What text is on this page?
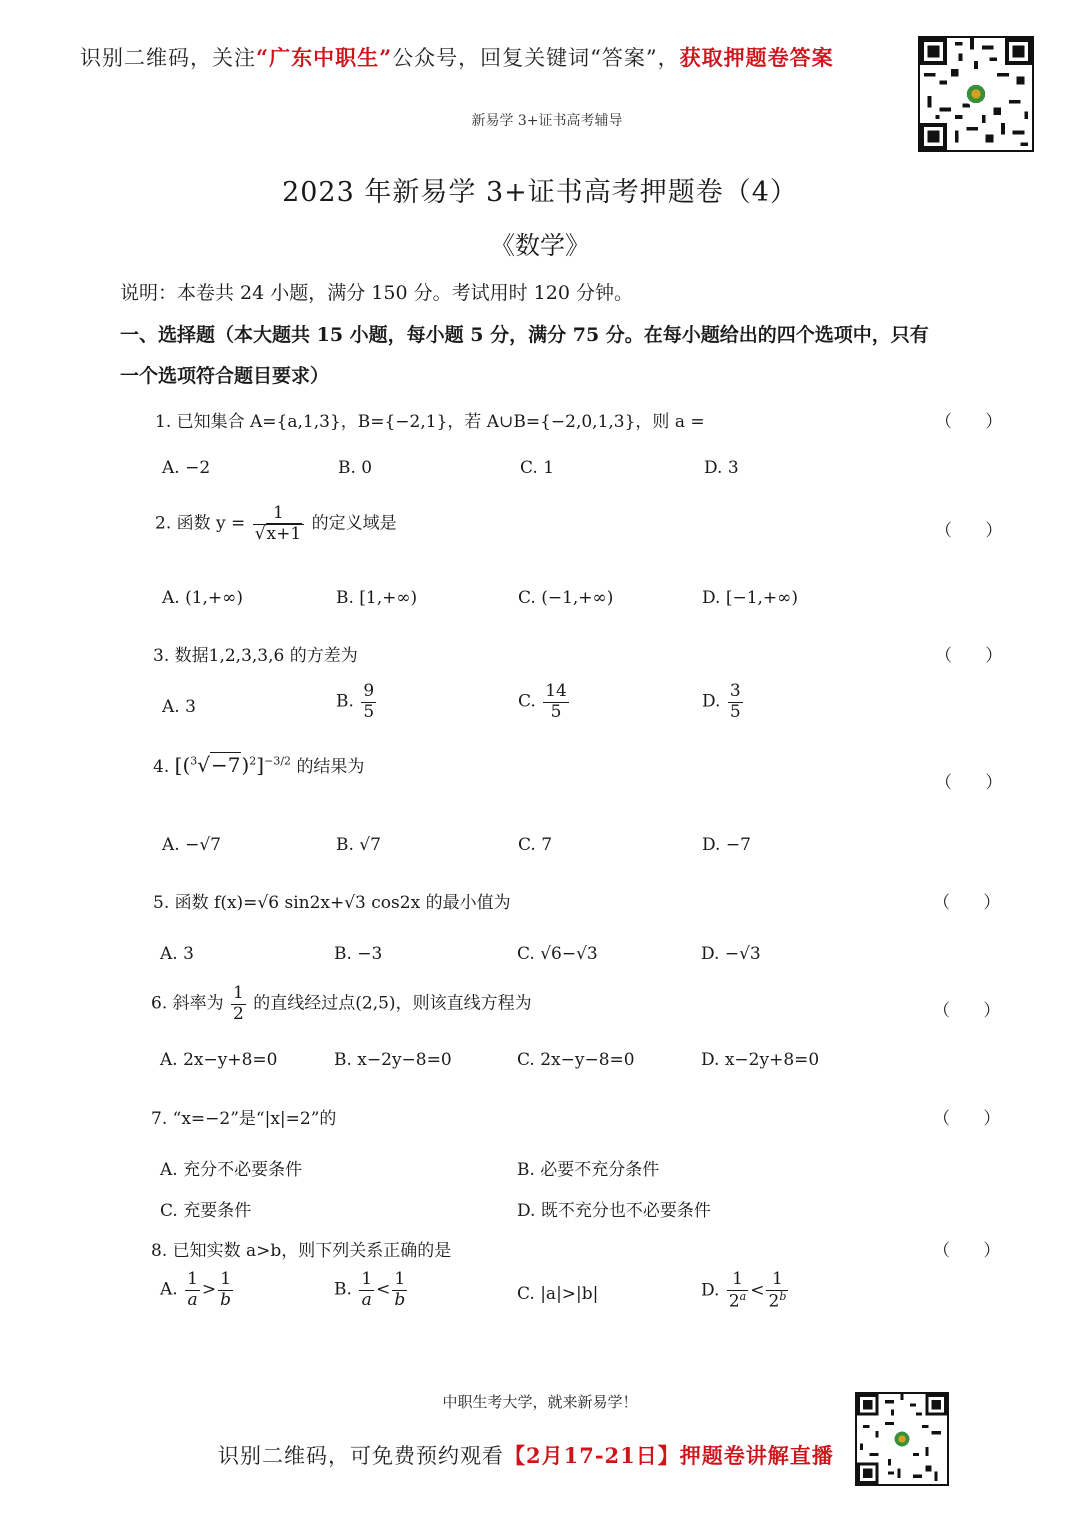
识别二维码，关注“广东中职生”公众号，回复关键词“答案”，获取押题卷答案
新易学 3+证书高考辅导
2023 年新易学 3+证书高考押题卷（4）
《数学》
说明：本卷共 24 小题，满分 150 分。考试用时 120 分钟。
一、选择题（本大题共 15 小题，每小题 5 分，满分 75 分。在每小题给出的四个选项中，只有
一个选项符合题目要求）
1. 已知集合 A={a,1,3}，B={−2,1}，若 A∪B={−2,0,1,3}，则 a =	（ ）
A. −2	B. 0	C. 1	D. 3
2. 函数 $y = \frac{1}{√x+1}$ 的定义域是	（ ）
A. (1,+∞)	B. [1,+∞)	C. (−1,+∞)	D. [−1,+∞)
3. 数据1,2,3,3,6 的方差为	（ ）
A. 3	B. $\frac{9}{5}$	C. $\frac{14}{5}$	D. $\frac{3}{5}$
4. $[(^3√-7)^2]^{-3/2}$ 的结果为
（ ）
A. −√7	B. √7	C. 7	D. −7
5. 函数 f(x)=√6 sin2x+√3 cos2x 的最小值为	（ ）
A. 3	B. −3	C. √6−√3	D. −√3
6. 斜率为 $\frac{1}{2}$ 的直线经过点(2,5)，则该直线方程为	（ ）
A. 2x−y+8=0	B. x−2y−8=0	C. 2x−y−8=0	D. x−2y+8=0
7. “x=−2”是“|x|=2”的	（ ）
A. 充分不必要条件	B. 必要不充分条件
C. 充要条件	D. 既不充分也不必要条件
8. 已知实数 a>b，则下列关系正确的是	（ ）
A. $\frac{1}{a} > \frac{1}{b}$	B. $\frac{1}{a} < \frac{1}{b}$	C. |a|>|b|	D. $\frac{1}{2^a} < \frac{1}{2^b}$
中职生考大学，就来新易学！
识别二维码，可免费预约观看【2月17-21日】押题卷讲解直播
